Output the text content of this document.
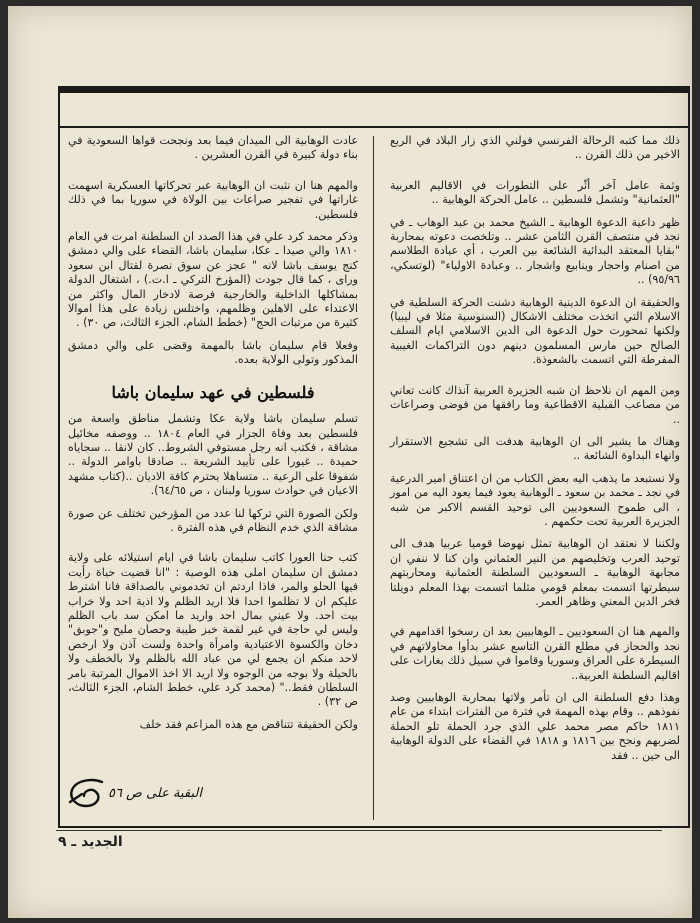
ذلك مما كتبه الرحالة الفرنسي فولني الذي زار البلاد في الربع الاخير من ذلك القرن ..

وثمة عامل آخر أثّر على التطورات في الاقاليم العربية "العثمانية" وتشمل فلسطين .. عامل الحركة الوهابية ..

ظهر داعية الدعوة الوهابية ـ الشيخ محمد بن عبد الوهاب ـ في نجد في منتصف القرن الثامن عشر .. وتلخصت دعوته بمحاربة "بقايا المعتقد البدائية الشائعة بين العرب ، أي عبادة الطلاسم من اصنام واحجار وينابيع واشجار .. وعبادة الاولياء" (لوتسكي، ٩٥/٩٦) ..

والحقيقة ان الدعوة الدينية الوهابية دشنت الحركة السلطية في الاسلام التي اتخذت مختلف الاشكال (السنوسية مثلا في ليبيا) ولكنها تمحورت حول الدعوة الى الدين الاسلامي ايام السلف الصالح حين مارس المسلمون دينهم دون التراكمات الغيبية المفرطة التي اتسمت بالشعوذة.

ومن المهم ان نلاحظ ان شبه الجزيرة العربية آنذاك كانت تعاني من مصاعب القبلية الاقطاعية وما رافقها من فوضى وصراعات ..

وهناك ما يشير الى ان الوهابية هدفت الى تشجيع الاستقرار وانهاء البداوة الشائعة ..

ولا نستبعد ما يذهب اليه بعض الكتاب من ان اعتناق امير الدرعية في نجد ـ محمد بن سعود ـ الوهابية يعود فيما يعود اليه من امور ، الى طموح السعوديين الى توحيد القسم الاكبر من شبه الجزيرة العربية تحت حكمهم .

ولكننا لا نعتقد ان الوهابية تمثل نهوضا قوميا عربيا هدف الى توحيد العرب وتخليصهم من النير العثماني وان كنا لا ننفي ان مجابهة الوهابية ـ السعوديين السلطنة العثمانية ومحاربتهم سيطرتها اتسمت بمعلم قومي مثلما اتسمت بهذا المعلم دويلتا فخر الدين المعني وظاهر العمر.

والمهم هنا ان السعوديين ـ الوهابيين بعد ان رسخوا اقدامهم في نجد والحجاز في مطلع القرن التاسع عشر بدأوا محاولاتهم في السيطرة على العراق وسوريا وقاموا في سبيل ذلك بغارات على اقاليم السلطنة العربية..

وهذا دفع السلطنة الى ان تأمر ولاتها بمحاربة الوهابيين وصد نفوذهم .. وقام بهذه المهمة في فترة من الفترات ابتداء من عام ١٨١١ حاكم مصر محمد علي الذي جرد الحملة تلو الحملة لضربهم ونجح بين ١٨١٦ و ١٨١٨ في القضاء على الدولة الوهابية الى حين .. فقد

عادت الوهابية الى الميدان فيما بعد ونجحت قواها السعودية في بناء دولة كبيرة في القرن العشرين .

والمهم هنا ان نثبت ان الوهابية عبر تحركاتها العسكرية اسهمت غاراتها في تفجير صراعات بين الولاة في سوريا بما في ذلك فلسطين.

وذكر محمد كرد علي في هذا الصدد ان السلطنة امرت في العام ١٨١٠ والي صيدا ـ عكا، سليمان باشا، القضاء على والي دمشق كنج يوسف باشا لانه " عجز عن سوق نصرة لقتال ابن سعود وراى ، كما قال جودت (المؤرخ التركي ـ ا.ت.) ، اشتغال الدولة بمشاكلها الداخلية والخارجية فرصة لادخار المال واكثر من الاعتداء على الاهلين وظلمهم، واختلس زيادة على هذا اموالا كثيرة من مرتبات الحج" (خطط الشام، الجزء الثالث، ص ٣٠) .

وفعلا قام سليمان باشا بالمهمة وقضى على والي دمشق المذكور وتولى الولاية بعده.

فلسطين في عهد سليمان باشا

تسلم سليمان باشا ولاية عكا وتشمل مناطق واسعة من فلسطين بعد وفاة الجزار في العام ١٨٠٤ .. ووصفه مخائيل مشاقة ، فكتب انه رجل مستوفي الشروط.. كان لانقا .. سجاياه حميدة .. غيورا على تأييد الشريعة .. صادقا باوامر الدولة .. شفوقا على الرعية .. متساهلا يحترم كافة الاديان ..(كتاب مشهد الاعيان في حوادث سوريا ولبنان ، ص ٦٤/٦٥).

ولكن الصورة التي تركها لنا عدد من المؤرخين تختلف عن صورة مشاقة الذي خدم النظام في هذه الفترة .

كتب حنا العورا كاتب سليمان باشا في ايام استيلائه على ولاية دمشق ان سليمان املى هذه الوصية : "انا قضيت حياة رأيت فيها الحلو والمر، فاذا اردتم ان تخدموني بالصداقة فانا اشترط عليكم ان لا تظلموا احدا فلا اريد الظلم ولا اذية احد ولا خراب بيت احد. ولا عيني بمال احد واريد ما امكن سد باب الظلم وليس لي حاجة في غير لقمة خبز طيبة وحصان مليح و"جوبق" دخان والكسوة الاعتيادية وامرأة واحدة ولست آذن ولا ارخص لاحد منكم ان يجمع لي من عباد الله بالظلم ولا بالخطف ولا بالحيلة ولا بوجه من الوجوه ولا اريد الا اخذ الاموال المرتبة بامر السلطان فقط.." (محمد كرد علي، خطط الشام، الجزء الثالث، ص ٣٢) .

ولكن الحقيقة تتناقض مع هذه المزاعم فقد خلف

البقية على ص ٥٦
الجديد ـ ٩
